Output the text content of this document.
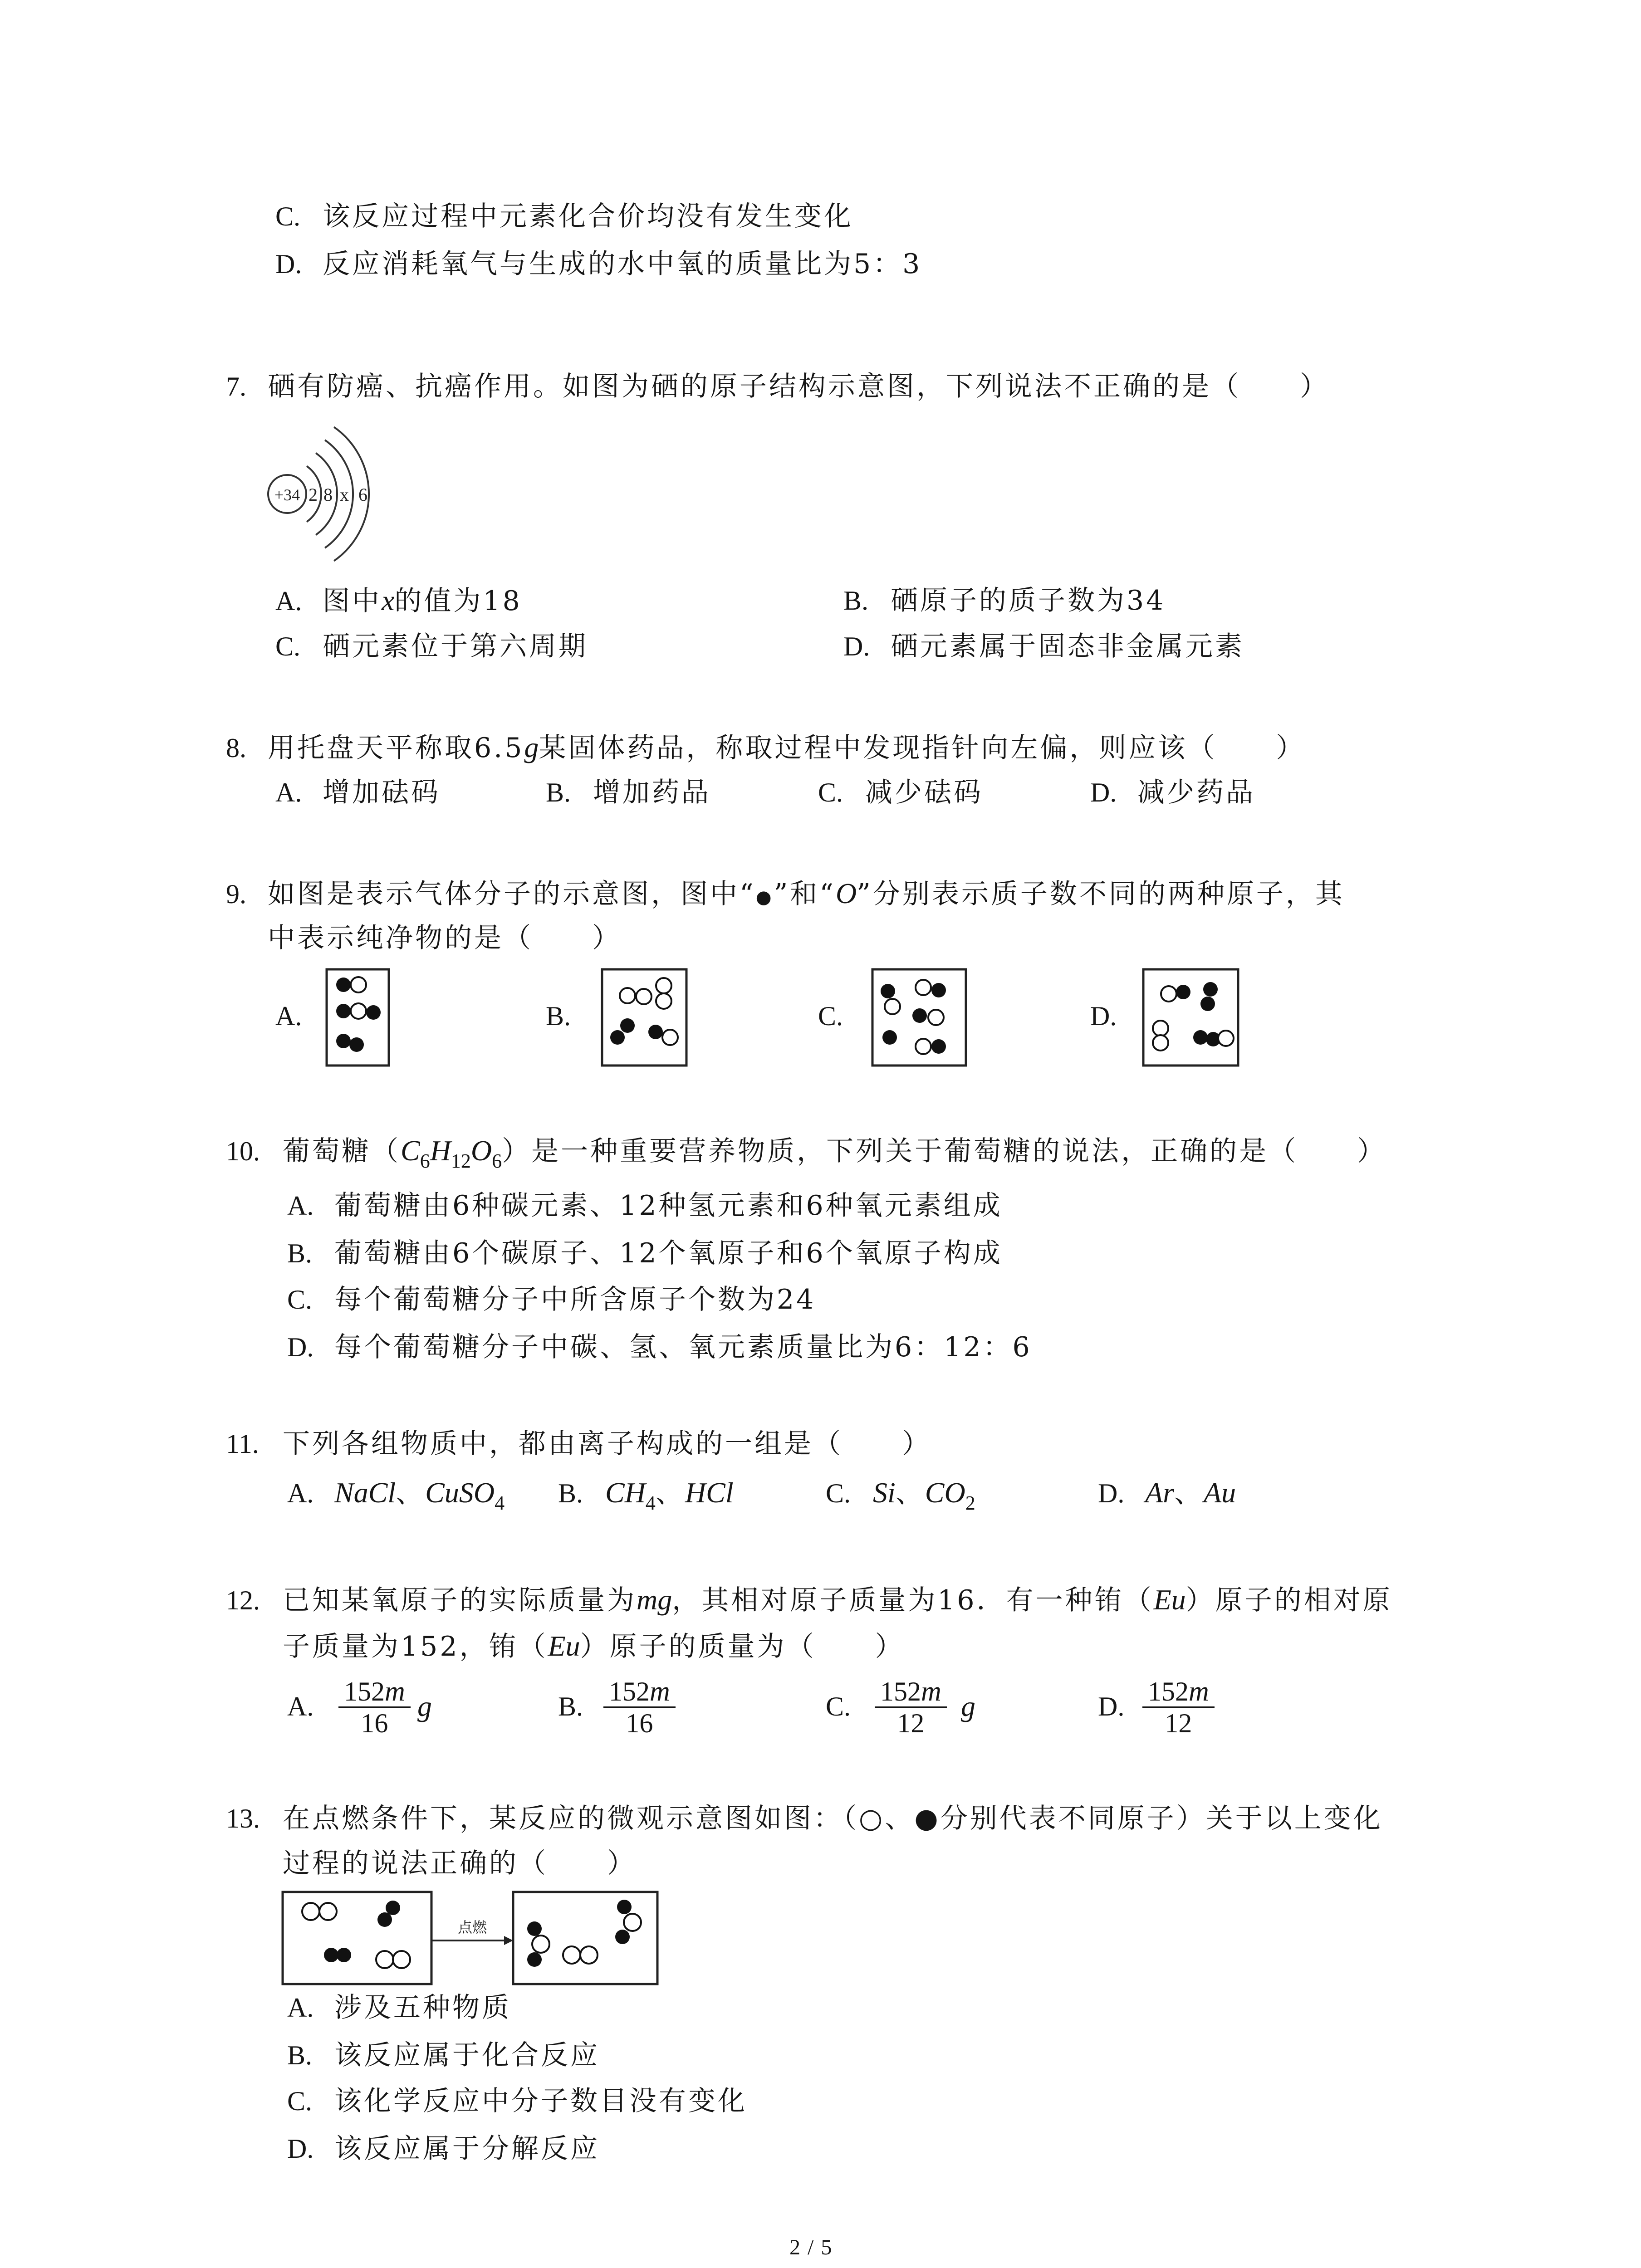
C. 该反应过程中元素化合价均没有发生变化
D. 反应消耗氧气与生成的水中氧的质量比为5：3
7. 硒有防癌、抗癌作用。如图为硒的原子结构示意图，下列说法不正确的是（　　）
+34 2 8 x 6
A. 图中x的值为18	B. 硒原子的质子数为34
C. 硒元素位于第六周期	D. 硒元素属于固态非金属元素
8. 用托盘天平称取6.5g某固体药品，称取过程中发现指针向左偏，则应该（　　）
A. 增加砝码	B. 增加药品	C. 减少砝码	D. 减少药品
9. 如图是表示气体分子的示意图，图中“●”和“O”分别表示质子数不同的两种原子，其
中表示纯净物的是（　　）
A.	B.	C.	D.
10. 葡萄糖$(C_6H_{12}O_6)$是一种重要营养物质，下列关于葡萄糖的说法，正确的是（　　）
A. 葡萄糖由6种碳元素、12种氢元素和6种氧元素组成
B. 葡萄糖由6个碳原子、12个氧原子和6个氧原子构成
C. 每个葡萄糖分子中所含原子个数为24
D. 每个葡萄糖分子中碳、氢、氧元素质量比为6：12：6
11. 下列各组物质中，都由离子构成的一组是（　　）
A. NaCl、CuSO$_4$ B. $CH_4$、HCl	C. Si、$CO_2$	D. Ar、Au
12. 已知某氧原子的实际质量为mg，其相对原子质量为16．有一种铕（Eu）原子的相对原
子质量为152，铕（Eu）原子的质量为（　　）
A.	$\frac{152m}{16}$ g	B. $\frac{152m}{16}$	C. $\frac{152m}{12}$ g	D. $\frac{152m}{12}$
13. 在点燃条件下，某反应的微观示意图如图：（○、●分别代表不同原子）关于以上变化
过程的说法正确的（　　）
点燃
A. 涉及五种物质
B. 该反应属于化合反应
C. 该化学反应中分子数目没有变化
D. 该反应属于分解反应
2 / 5
